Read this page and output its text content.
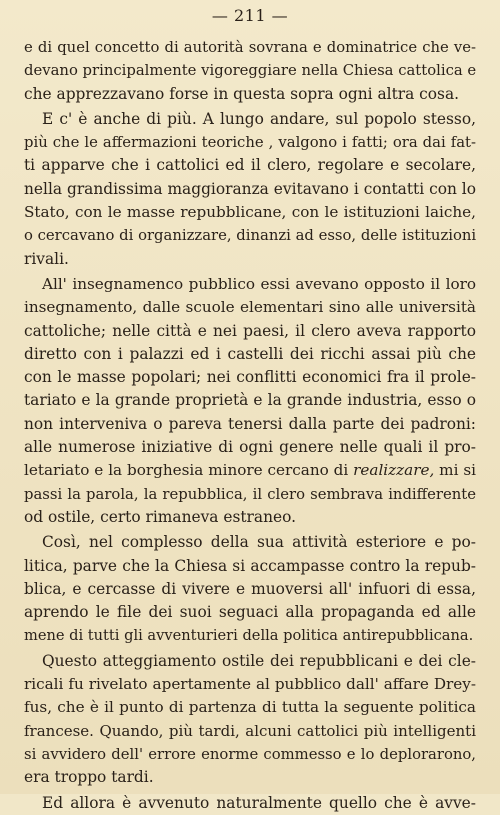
— 211 —
e di quel concetto di autorità sovrana e dominatrice che ve-
devano principalmente vigoreggiare nella Chiesa cattolica e
che apprezzavano forse in questa sopra ogni altra cosa.
E c' è anche di più. A lungo andare, sul popolo stesso,
più che le affermazioni teoriche , valgono i fatti; ora dai fat-
ti apparve che i cattolici ed il clero, regolare e secolare,
nella grandissima maggioranza evitavano i contatti con lo
Stato, con le masse repubblicane, con le istituzioni laiche,
o cercavano di organizzare, dinanzi ad esso, delle istituzioni
rivali.
All' insegnamenco pubblico essi avevano opposto il loro
insegnamento, dalle scuole elementari sino alle università
cattoliche; nelle città e nei paesi, il clero aveva rapporto
diretto con i palazzi ed i castelli dei ricchi assai più che
con le masse popolari; nei conflitti economici fra il prole-
tariato e la grande proprietà e la grande industria, esso o
non interveniva o pareva tenersi dalla parte dei padroni:
alle numerose iniziative di ogni genere nelle quali il pro-
letariato e la borghesia minore cercano di realizzare, mi si
passi la parola, la repubblica, il clero sembrava indifferente
od ostile, certo rimaneva estraneo.
Così, nel complesso della sua attività esteriore e po-
litica, parve che la Chiesa si accampasse contro la repub-
blica, e cercasse di vivere e muoversi all' infuori di essa,
aprendo le file dei suoi seguaci alla propaganda ed alle
mene di tutti gli avventurieri della politica antirepubblicana.
Questo atteggiamento ostile dei repubblicani e dei cle-
ricali fu rivelato apertamente al pubblico dall' affare Drey-
fus, che è il punto di partenza di tutta la seguente politica
francese. Quando, più tardi, alcuni cattolici più intelligenti
si avvidero dell' errore enorme commesso e lo deplorarono,
era troppo tardi.
Ed allora è avvenuto naturalmente quello che è avve-
